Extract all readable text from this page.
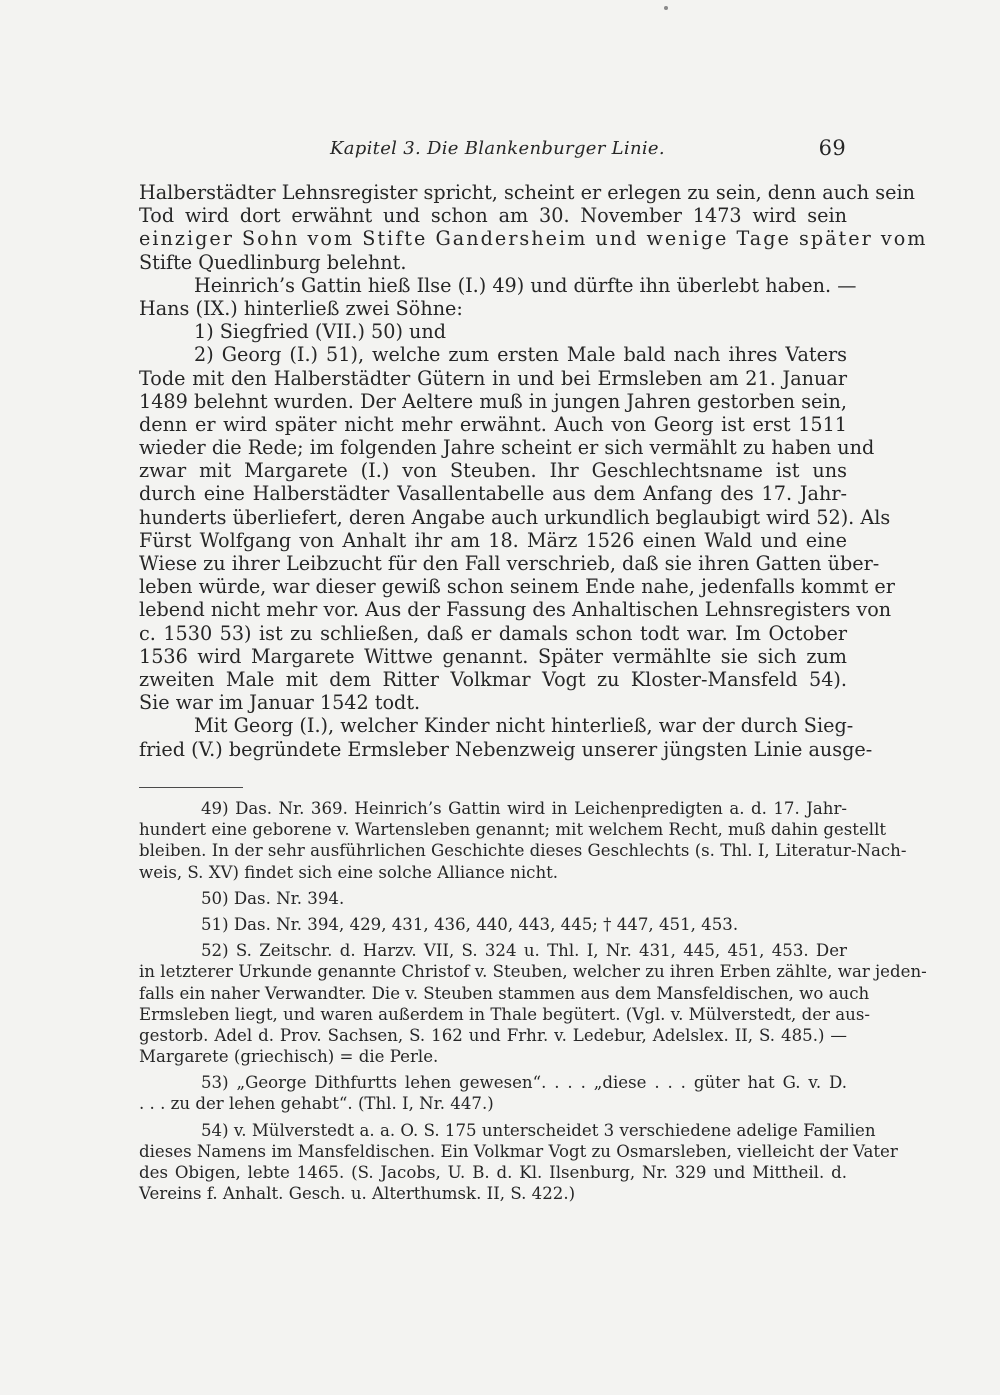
Kapitel 3. Die Blankenburger Linie.	69
Halberstädter Lehnsregister spricht, scheint er erlegen zu sein, denn auch sein
Tod wird dort erwähnt und schon am 30. November 1473 wird sein
einziger Sohn vom Stifte Gandersheim und wenige Tage später vom
Stifte Quedlinburg belehnt.
Heinrich’s Gattin hieß Ilse (I.) 49) und dürfte ihn überlebt haben. —
Hans (IX.) hinterließ zwei Söhne:
1) Siegfried (VII.) 50) und
2) Georg (I.) 51), welche zum ersten Male bald nach ihres Vaters
Tode mit den Halberstädter Gütern in und bei Ermsleben am 21. Januar
1489 belehnt wurden. Der Aeltere muß in jungen Jahren gestorben sein,
denn er wird später nicht mehr erwähnt. Auch von Georg ist erst 1511
wieder die Rede; im folgenden Jahre scheint er sich vermählt zu haben und
zwar mit Margarete (I.) von Steuben. Ihr Geschlechtsname ist uns
durch eine Halberstädter Vasallentabelle aus dem Anfang des 17. Jahr-
hunderts überliefert, deren Angabe auch urkundlich beglaubigt wird 52). Als
Fürst Wolfgang von Anhalt ihr am 18. März 1526 einen Wald und eine
Wiese zu ihrer Leibzucht für den Fall verschrieb, daß sie ihren Gatten über-
leben würde, war dieser gewiß schon seinem Ende nahe, jedenfalls kommt er
lebend nicht mehr vor. Aus der Fassung des Anhaltischen Lehnsregisters von
c. 1530 53) ist zu schließen, daß er damals schon todt war. Im October
1536 wird Margarete Wittwe genannt. Später vermählte sie sich zum
zweiten Male mit dem Ritter Volkmar Vogt zu Kloster-Mansfeld 54).
Sie war im Januar 1542 todt.
Mit Georg (I.), welcher Kinder nicht hinterließ, war der durch Sieg-
fried (V.) begründete Ermsleber Nebenzweig unserer jüngsten Linie ausge-
49) Das. Nr. 369. Heinrich’s Gattin wird in Leichenpredigten a. d. 17. Jahr-
hundert eine geborene v. Wartensleben genannt; mit welchem Recht, muß dahin gestellt
bleiben. In der sehr ausführlichen Geschichte dieses Geschlechts (s. Thl. I, Literatur-Nach-
weis, S. XV) findet sich eine solche Alliance nicht.
50) Das. Nr. 394.
51) Das. Nr. 394, 429, 431, 436, 440, 443, 445; † 447, 451, 453.
52) S. Zeitschr. d. Harzv. VII, S. 324 u. Thl. I, Nr. 431, 445, 451, 453. Der
in letzterer Urkunde genannte Christof v. Steuben, welcher zu ihren Erben zählte, war jeden-
falls ein naher Verwandter. Die v. Steuben stammen aus dem Mansfeldischen, wo auch
Ermsleben liegt, und waren außerdem in Thale begütert. (Vgl. v. Mülverstedt, der aus-
gestorb. Adel d. Prov. Sachsen, S. 162 und Frhr. v. Ledebur, Adelslex. II, S. 485.) —
Margarete (griechisch) = die Perle.
53) „George Dithfurtts lehen gewesen“. . . . „diese . . . güter hat G. v. D.
. . . zu der lehen gehabt“. (Thl. I, Nr. 447.)
54) v. Mülverstedt a. a. O. S. 175 unterscheidet 3 verschiedene adelige Familien
dieses Namens im Mansfeldischen. Ein Volkmar Vogt zu Osmarsleben, vielleicht der Vater
des Obigen, lebte 1465. (S. Jacobs, U. B. d. Kl. Ilsenburg, Nr. 329 und Mittheil. d.
Vereins f. Anhalt. Gesch. u. Alterthumsk. II, S. 422.)
